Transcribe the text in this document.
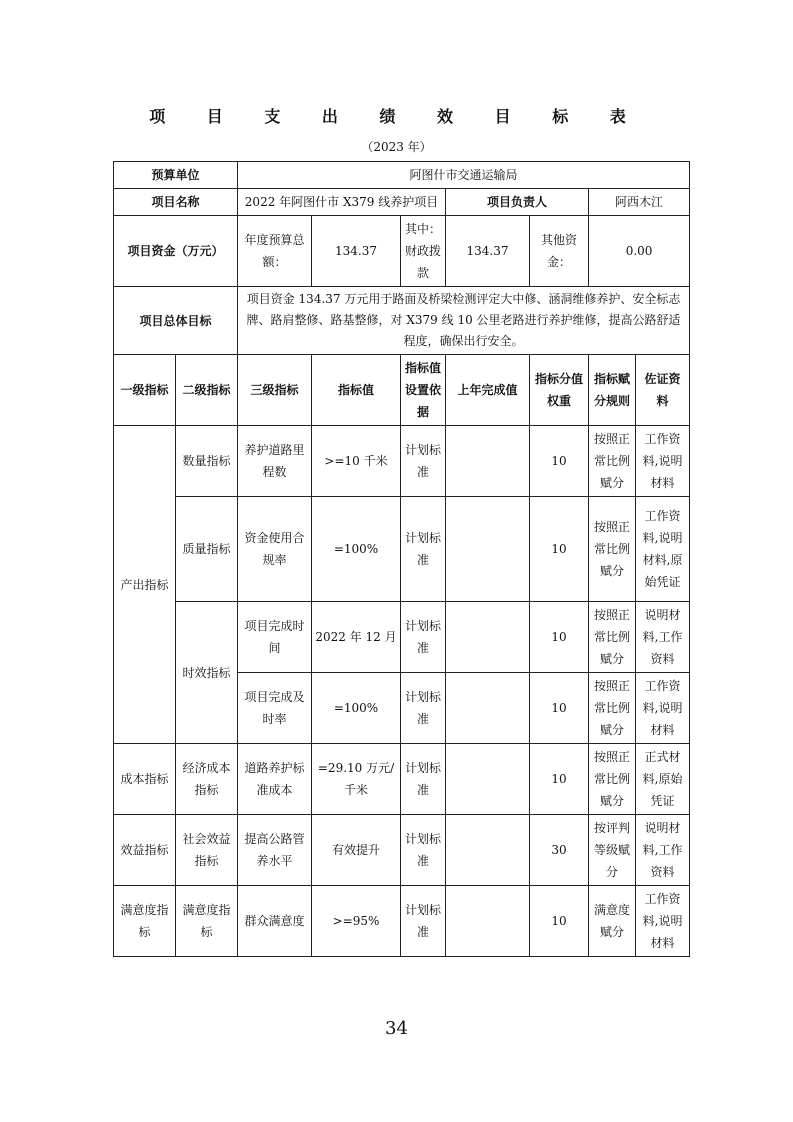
项 目 支 出 绩 效 目 标 表
（2023 年）
预算单位		阿图什市交通运输局						
项目名称		2022 年阿图什市 X379 线养护项目			项目负责人		阿西木江	
项目资金（万元）		年度预算总额：	134.37	其中：财政拨款	134.37	其他资金：	0.00	
项目总体目标		项目资金 134.37 万元用于路面及桥梁检测评定大中修、涵洞维修养护、安全标志牌、路肩整修、路基整修，对 X379 线 10 公里老路进行养护维修，提高公路舒适程度，确保出行安全。						
一级指标	二级指标	三级指标	指标值	指标值设置依据	上年完成值	指标分值权重	指标赋分规则	佐证资料
产出指标	数量指标	养护道路里程数	>=10 千米	计划标准		10	按照正常比例赋分	工作资料,说明材料
	质量指标	资金使用合规率	=100%	计划标准		10	按照正常比例赋分	工作资料,说明材料,原始凭证
	时效指标	项目完成时间	2022 年 12 月	计划标准		10	按照正常比例赋分	说明材料,工作资料
		项目完成及时率	=100%	计划标准		10	按照正常比例赋分	工作资料,说明材料
成本指标	经济成本指标	道路养护标准成本	=29.10 万元/千米	计划标准		10	按照正常比例赋分	正式材料,原始凭证
效益指标	社会效益指标	提高公路管养水平	有效提升	计划标准		30	按评判等级赋分	说明材料,工作资料
满意度指标	满意度指标	群众满意度	>=95%	计划标准		10	满意度赋分	工作资料,说明材料
34
